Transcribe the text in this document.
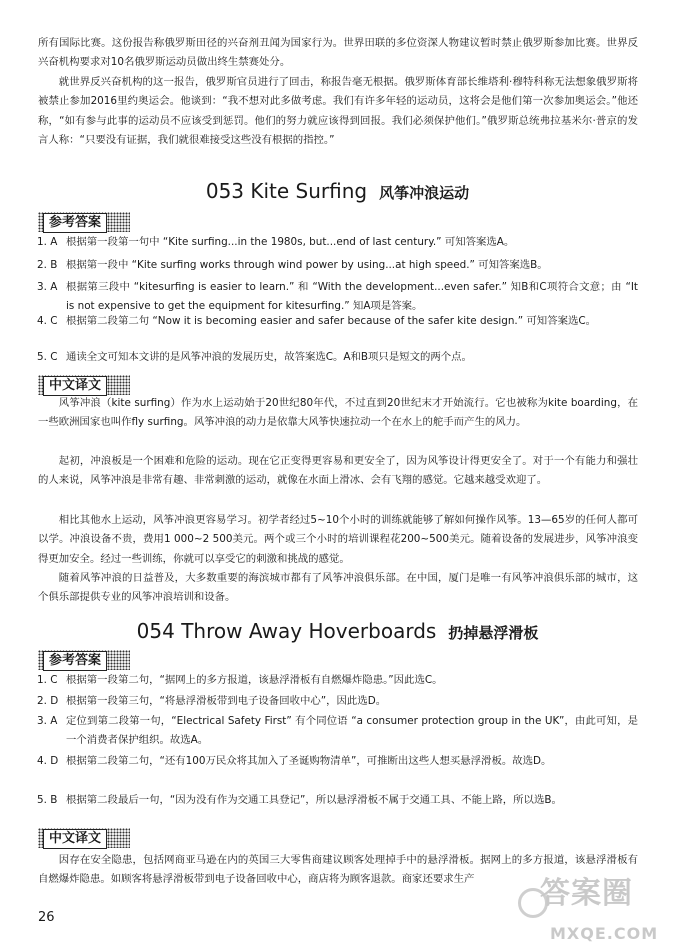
所有国际比赛。这份报告称俄罗斯田径的兴奋剂丑闻为国家行为。世界田联的多位资深人物建议暂时禁止俄罗斯参加比赛。世界反兴奋机构要求对10名俄罗斯运动员做出终生禁赛处分。

就世界反兴奋机构的这一报告，俄罗斯官员进行了回击，称报告毫无根据。俄罗斯体育部长维塔利·穆特科称无法想象俄罗斯将被禁止参加2016里约奥运会。他谈到：“我不想对此多做考虑。我们有许多年轻的运动员，这将会是他们第一次参加奥运会。”他还称，“如有参与此事的运动员不应该受到惩罚。他们的努力就应该得到回报。我们必须保护他们。”俄罗斯总统弗拉基米尔·普京的发言人称：“只要没有证据，我们就很难接受这些没有根据的指控。”

053 Kite Surfing 风筝冲浪运动
参考答案
1. A 根据第一段第一句中 “Kite surfing...in the 1980s, but...end of last century.” 可知答案选A。
2. B 根据第一段中 “Kite surfing works through wind power by using...at high speed.” 可知答案选B。
3. A 根据第三段中 “kitesurfing is easier to learn.” 和 “With the development...even safer.” 知B和C项符合文意；由 “It is not expensive to get the equipment for kitesurfing.” 知A项是答案。
4. C 根据第二段第二句 “Now it is becoming easier and safer because of the safer kite design.” 可知答案选C。
5. C 通读全文可知本文讲的是风筝冲浪的发展历史，故答案选C。A和B项只是短文的两个点。
中文译文

风筝冲浪（kite surfing）作为水上运动始于20世纪80年代，不过直到20世纪末才开始流行。它也被称为kite boarding，在一些欧洲国家也叫作fly surfing。风筝冲浪的动力是依靠大风筝快速拉动一个在水上的舵手而产生的风力。

起初，冲浪板是一个困难和危险的运动。现在它正变得更容易和更安全了，因为风筝设计得更安全了。对于一个有能力和强壮的人来说，风筝冲浪是非常有趣、非常刺激的运动，就像在水面上滑冰、会有飞翔的感觉。它越来越受欢迎了。

相比其他水上运动，风筝冲浪更容易学习。初学者经过5~10个小时的训练就能够了解如何操作风筝。13—65岁的任何人都可以学。冲浪设备不贵，费用1 000~2 500美元。两个或三个小时的培训课程花200~500美元。随着设备的发展进步，风筝冲浪变得更加安全。经过一些训练，你就可以享受它的刺激和挑战的感觉。

随着风筝冲浪的日益普及，大多数重要的海滨城市都有了风筝冲浪俱乐部。在中国，厦门是唯一有风筝冲浪俱乐部的城市，这个俱乐部提供专业的风筝冲浪培训和设备。

054 Throw Away Hoverboards 扔掉悬浮滑板
参考答案
1. C 根据第一段第二句，“据网上的多方报道，该悬浮滑板有自燃爆炸隐患。”因此选C。
2. D 根据第一段第三句，“将悬浮滑板带到电子设备回收中心”，因此选D。
3. A 定位到第二段第一句，“Electrical Safety First” 有个同位语 “a consumer protection group in the UK”，由此可知，是一个消费者保护组织。故选A。
4. D 根据第二段第二句，“还有100万民众将其加入了圣诞购物清单”，可推断出这些人想买悬浮滑板。故选D。
5. B 根据第二段最后一句，“因为没有作为交通工具登记”，所以悬浮滑板不属于交通工具、不能上路，所以选B。
中文译文

因存在安全隐患，包括网商亚马逊在内的英国三大零售商建议顾客处理掉手中的悬浮滑板。据网上的多方报道，该悬浮滑板有自燃爆炸隐患。如顾客将悬浮滑板带到电子设备回收中心，商店将为顾客退款。商家还要求生产

26
答案圈
MXQE.COM
